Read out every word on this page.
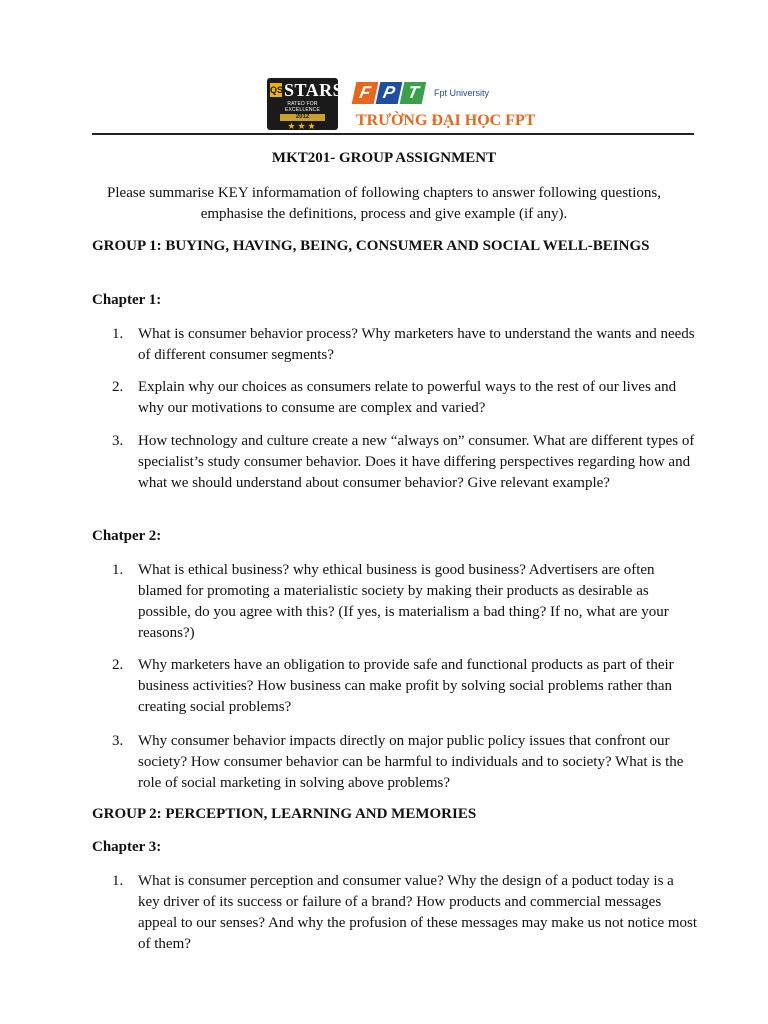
QS STARS
RATED FOR EXCELLENCE
2012
★★★
F P T	Fpt University
TRƯỜNG ĐẠI HỌC FPT
MKT201- GROUP ASSIGNMENT
Please summarise KEY informamation of following chapters to answer following questions, emphasise the definitions, process and give example (if any).
GROUP 1: BUYING, HAVING, BEING, CONSUMER AND SOCIAL WELL-BEINGS
Chapter 1:
1. What is consumer behavior process? Why marketers have to understand the wants and needs of different consumer segments?
2. Explain why our choices as consumers relate to powerful ways to the rest of our lives and why our motivations to consume are complex and varied?
3. How technology and culture create a new “always on” consumer. What are different types of specialist’s study consumer behavior. Does it have differing perspectives regarding how and what we should understand about consumer behavior? Give relevant example?
Chatper 2:
1. What is ethical business? why ethical business is good business? Advertisers are often blamed for promoting a materialistic society by making their products as desirable as possible, do you agree with this? (If yes, is materialism a bad thing? If no, what are your reasons?)
2. Why marketers have an obligation to provide safe and functional products as part of their business activities? How business can make profit by solving social problems rather than creating social problems?
3. Why consumer behavior impacts directly on major public policy issues that confront our society? How consumer behavior can be harmful to individuals and to society? What is the role of social marketing in solving above problems?
GROUP 2: PERCEPTION, LEARNING AND MEMORIES
Chapter 3:
1. What is consumer perception and consumer value? Why the design of a poduct today is a key driver of its success or failure of a brand? How products and commercial messages appeal to our senses? And why the profusion of these messages may make us not notice most of them?
